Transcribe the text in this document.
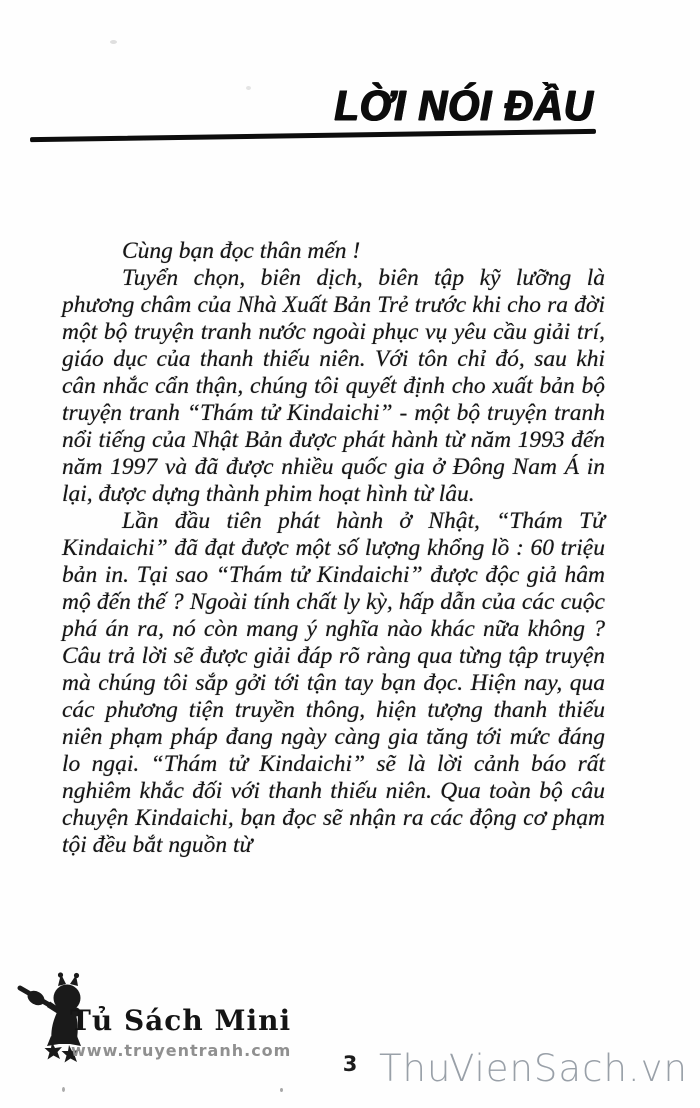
LỜI NÓI ĐẦU

Cùng bạn đọc thân mến !

Tuyển chọn, biên dịch, biên tập kỹ lưỡng là phương châm của Nhà Xuất Bản Trẻ trước khi cho ra đời một bộ truyện tranh nước ngoài phục vụ yêu cầu giải trí, giáo dục của thanh thiếu niên. Với tôn chỉ đó, sau khi cân nhắc cẩn thận, chúng tôi quyết định cho xuất bản bộ truyện tranh “Thám tử Kindaichi” - một bộ truyện tranh nổi tiếng của Nhật Bản được phát hành từ năm 1993 đến năm 1997 và đã được nhiều quốc gia ở Đông Nam Á in lại, được dựng thành phim hoạt hình từ lâu.

Lần đầu tiên phát hành ở Nhật, “Thám Tử Kindaichi” đã đạt được một số lượng khổng lồ : 60 triệu bản in. Tại sao “Thám tử Kindaichi” được độc giả hâm mộ đến thế ? Ngoài tính chất ly kỳ, hấp dẫn của các cuộc phá án ra, nó còn mang ý nghĩa nào khác nữa không ? Câu trả lời sẽ được giải đáp rõ ràng qua từng tập truyện mà chúng tôi sắp gởi tới tận tay bạn đọc. Hiện nay, qua các phương tiện truyền thông, hiện tượng thanh thiếu niên phạm pháp đang ngày càng gia tăng tới mức đáng lo ngại. “Thám tử Kindaichi” sẽ là lời cảnh báo rất nghiêm khắc đối với thanh thiếu niên. Qua toàn bộ câu chuyện Kindaichi, bạn đọc sẽ nhận ra các động cơ phạm tội đều bắt nguồn từ

Tủ Sách Mini
www.truyentranh.com
3 ThuVienSach.vn
